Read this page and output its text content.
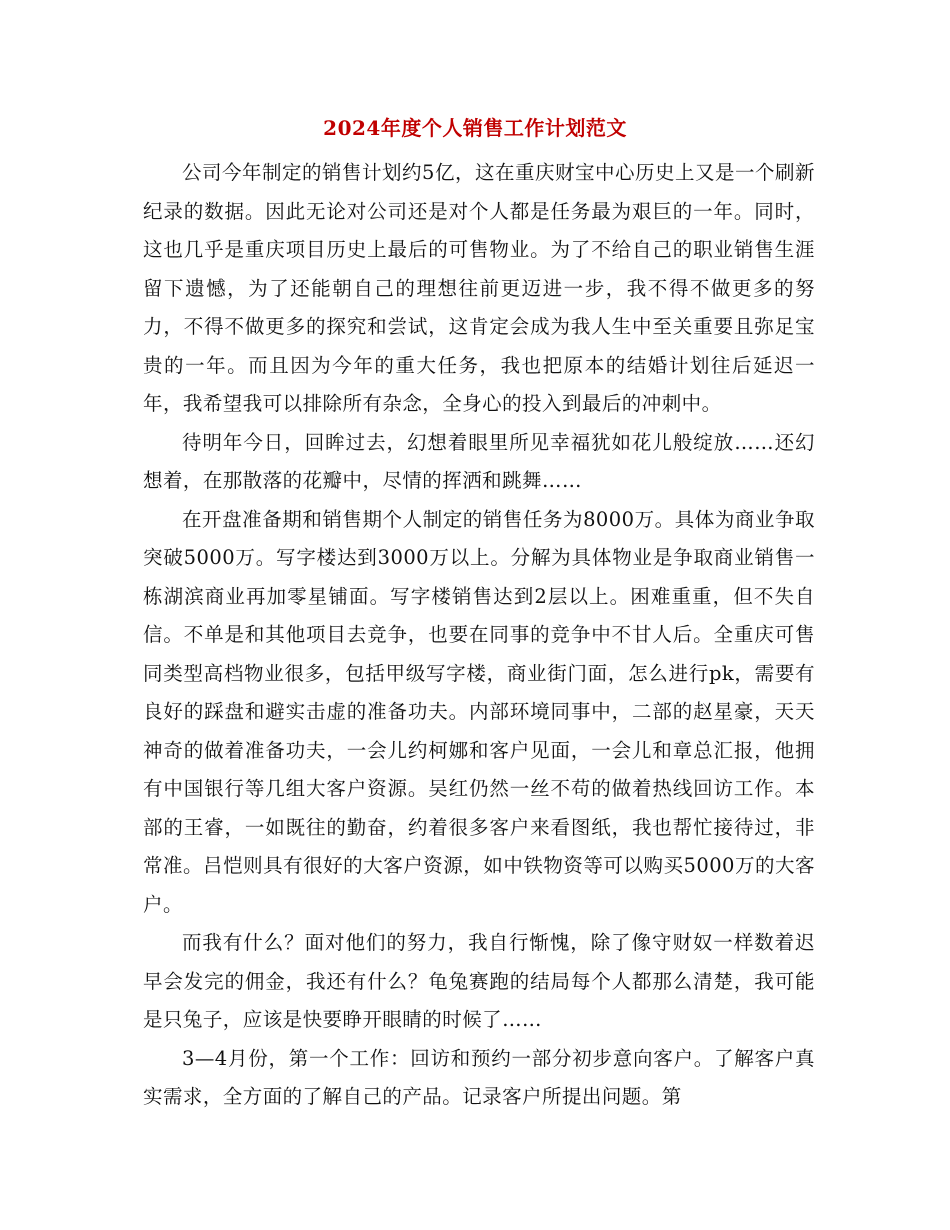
2024年度个人销售工作计划范文

公司今年制定的销售计划约5亿，这在重庆财宝中心历史上又是一个刷新纪录的数据。因此无论对公司还是对个人都是任务最为艰巨的一年。同时，这也几乎是重庆项目历史上最后的可售物业。为了不给自己的职业销售生涯留下遗憾，为了还能朝自己的理想往前更迈进一步，我不得不做更多的努力，不得不做更多的探究和尝试，这肯定会成为我人生中至关重要且弥足宝贵的一年。而且因为今年的重大任务，我也把原本的结婚计划往后延迟一年，我希望我可以排除所有杂念，全身心的投入到最后的冲刺中。

待明年今日，回眸过去，幻想着眼里所见幸福犹如花儿般绽放……还幻想着，在那散落的花瓣中，尽情的挥洒和跳舞……

在开盘准备期和销售期个人制定的销售任务为8000万。具体为商业争取突破5000万。写字楼达到3000万以上。分解为具体物业是争取商业销售一栋湖滨商业再加零星铺面。写字楼销售达到2层以上。困难重重，但不失自信。不单是和其他项目去竞争，也要在同事的竞争中不甘人后。全重庆可售同类型高档物业很多，包括甲级写字楼，商业街门面，怎么进行pk，需要有良好的踩盘和避实击虚的准备功夫。内部环境同事中，二部的赵星豪，天天神奇的做着准备功夫，一会儿约柯娜和客户见面，一会儿和章总汇报，他拥有中国银行等几组大客户资源。吴红仍然一丝不苟的做着热线回访工作。本部的王睿，一如既往的勤奋，约着很多客户来看图纸，我也帮忙接待过，非常准。吕恺则具有很好的大客户资源，如中铁物资等可以购买5000万的大客户。

而我有什么？面对他们的努力，我自行惭愧，除了像守财奴一样数着迟早会发完的佣金，我还有什么？龟兔赛跑的结局每个人都那么清楚，我可能是只兔子，应该是快要睁开眼睛的时候了……

3—4月份，第一个工作：回访和预约一部分初步意向客户。了解客户真实需求，全方面的了解自己的产品。记录客户所提出问题。第
